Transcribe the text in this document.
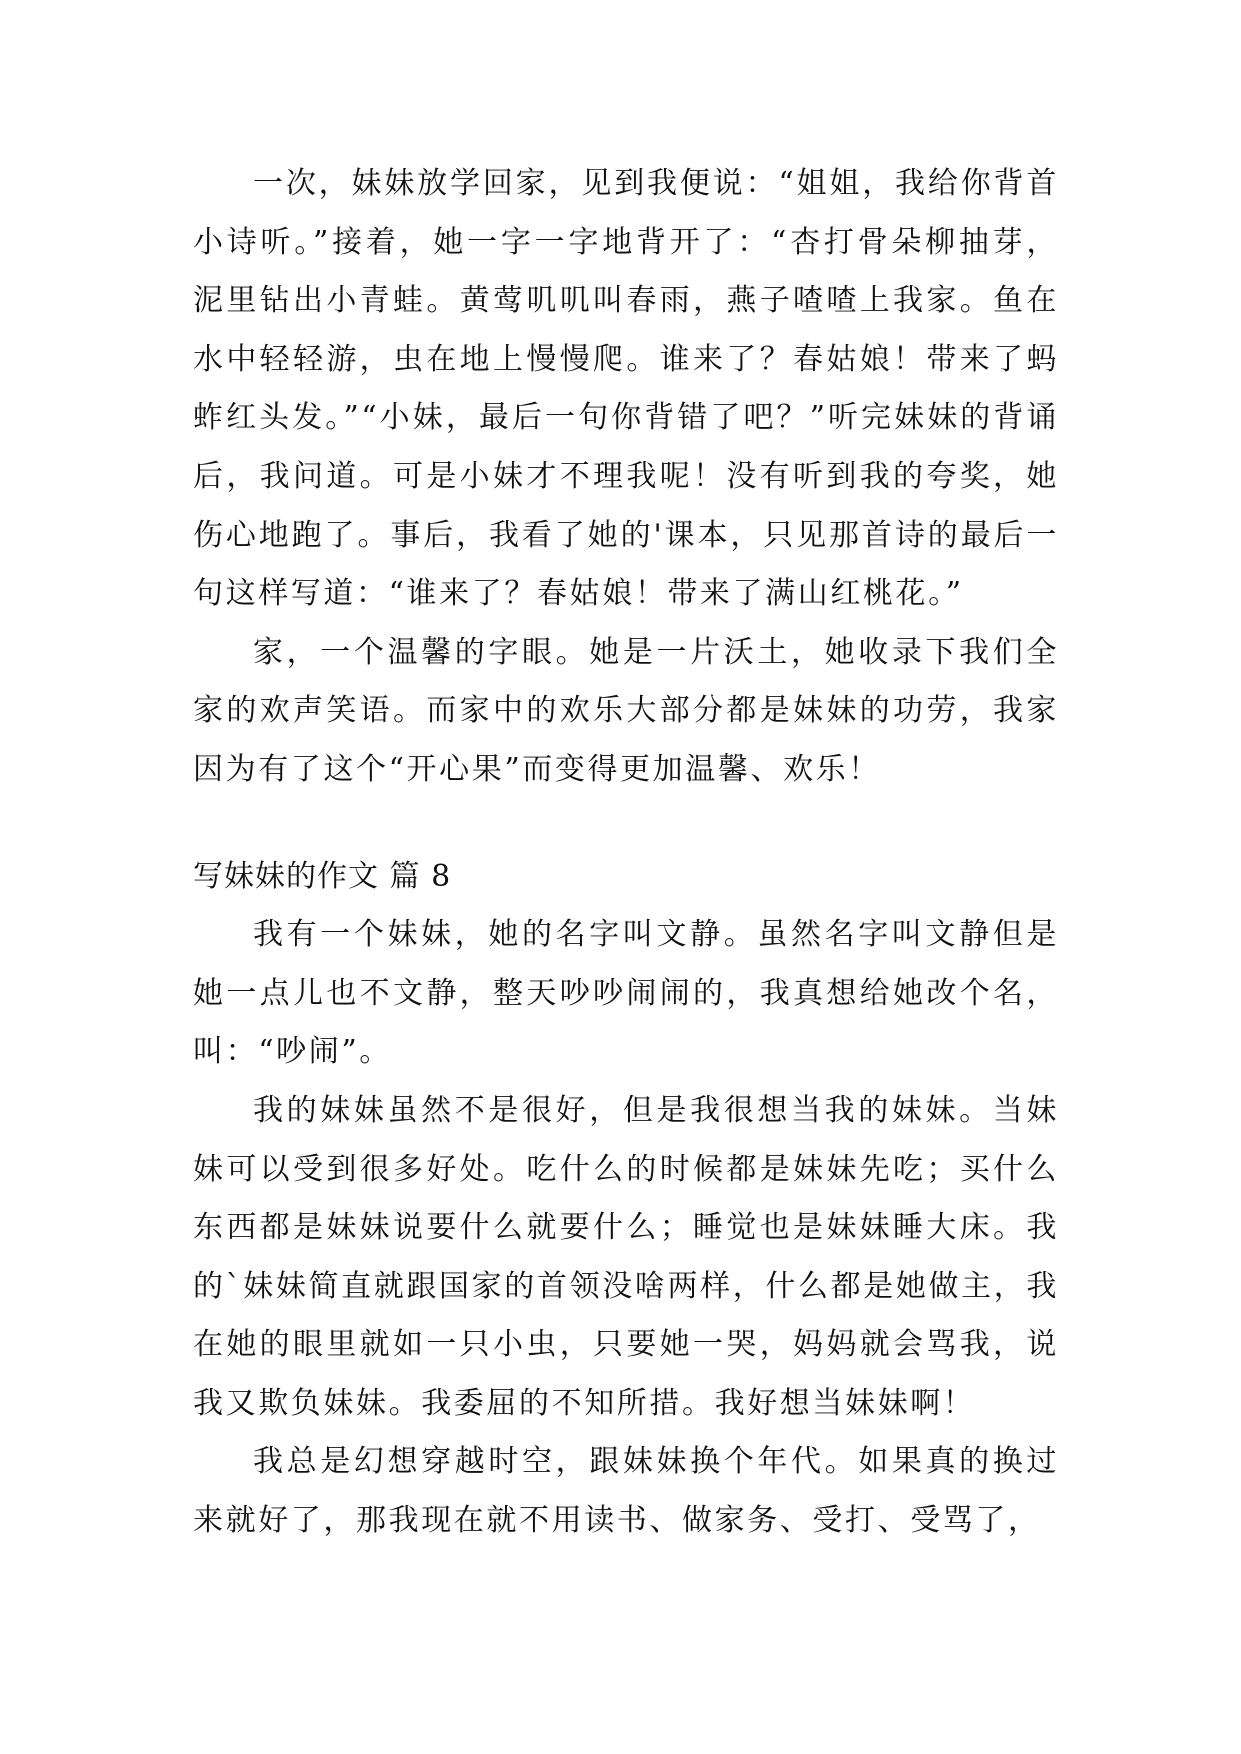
一次，妹妹放学回家，见到我便说：“姐姐，我给你背首小诗听。”接着，她一字一字地背开了：“杏打骨朵柳抽芽，泥里钻出小青蛙。黄莺叽叽叫春雨，燕子喳喳上我家。鱼在水中轻轻游，虫在地上慢慢爬。谁来了？春姑娘！带来了蚂蚱红头发。”“小妹，最后一句你背错了吧？”听完妹妹的背诵后，我问道。可是小妹才不理我呢！没有听到我的夸奖，她伤心地跑了。事后，我看了她的'课本，只见那首诗的最后一句这样写道：“谁来了？春姑娘！带来了满山红桃花。”

家，一个温馨的字眼。她是一片沃土，她收录下我们全家的欢声笑语。而家中的欢乐大部分都是妹妹的功劳，我家因为有了这个“开心果”而变得更加温馨、欢乐！

写妹妹的作文 篇 8

我有一个妹妹，她的名字叫文静。虽然名字叫文静但是她一点儿也不文静，整天吵吵闹闹的，我真想给她改个名，叫：“吵闹”。

我的妹妹虽然不是很好，但是我很想当我的妹妹。当妹妹可以受到很多好处。吃什么的时候都是妹妹先吃；买什么东西都是妹妹说要什么就要什么；睡觉也是妹妹睡大床。我的`妹妹简直就跟国家的首领没啥两样，什么都是她做主，我在她的眼里就如一只小虫，只要她一哭，妈妈就会骂我，说我又欺负妹妹。我委屈的不知所措。我好想当妹妹啊！

我总是幻想穿越时空，跟妹妹换个年代。如果真的换过来就好了，那我现在就不用读书、做家务、受打、受骂了，
